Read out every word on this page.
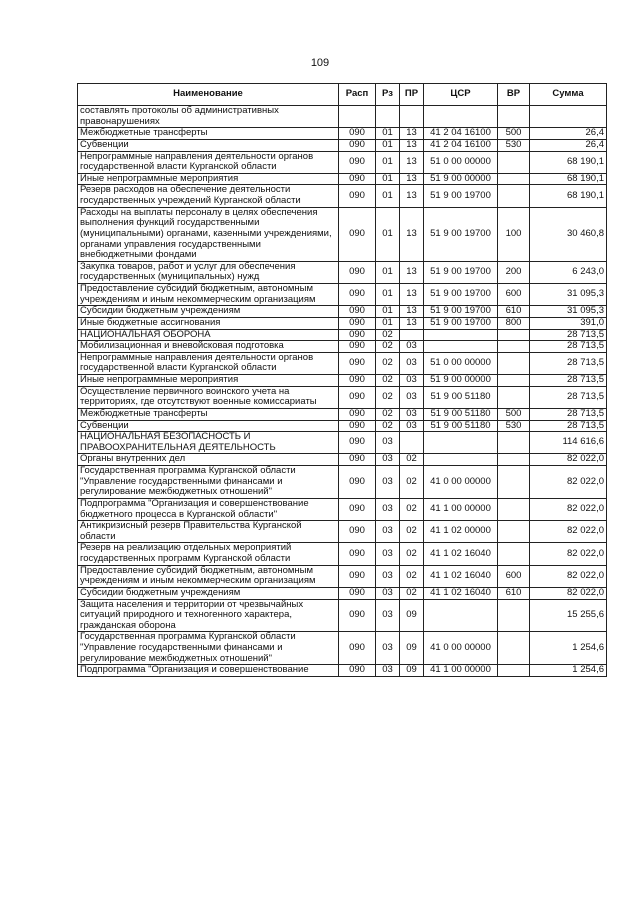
109
Наименование	Расп	Рз	ПР	ЦСР	ВР	Сумма
составлять протоколы об административных правонарушениях						
Межбюджетные трансферты	090	01	13	41 2 04 16100	500	26,4
Субвенции	090	01	13	41 2 04 16100	530	26,4
Непрограммные направления деятельности органов государственной власти Курганской области	090	01	13	51 0 00 00000		68 190,1
Иные непрограммные мероприятия	090	01	13	51 9 00 00000		68 190,1
Резерв расходов на обеспечение деятельности государственных учреждений Курганской области	090	01	13	51 9 00 19700		68 190,1
Расходы на выплаты персоналу в целях обеспечения выполнения функций государственными (муниципальными) органами, казенными учреждениями, органами управления государственными внебюджетными фондами	090	01	13	51 9 00 19700	100	30 460,8
Закупка товаров, работ и услуг для обеспечения государственных (муниципальных) нужд	090	01	13	51 9 00 19700	200	6 243,0
Предоставление субсидий бюджетным, автономным учреждениям и иным некоммерческим организациям	090	01	13	51 9 00 19700	600	31 095,3
Субсидии бюджетным учреждениям	090	01	13	51 9 00 19700	610	31 095,3
Иные бюджетные ассигнования	090	01	13	51 9 00 19700	800	391,0
НАЦИОНАЛЬНАЯ ОБОРОНА	090	02				28 713,5
Мобилизационная и вневойсковая подготовка	090	02	03			28 713,5
Непрограммные направления деятельности органов государственной власти Курганской области	090	02	03	51 0 00 00000		28 713,5
Иные непрограммные мероприятия	090	02	03	51 9 00 00000		28 713,5
Осуществление первичного воинского учета на территориях, где отсутствуют военные комиссариаты	090	02	03	51 9 00 51180		28 713,5
Межбюджетные трансферты	090	02	03	51 9 00 51180	500	28 713,5
Субвенции	090	02	03	51 9 00 51180	530	28 713,5
НАЦИОНАЛЬНАЯ БЕЗОПАСНОСТЬ И ПРАВООХРАНИТЕЛЬНАЯ ДЕЯТЕЛЬНОСТЬ	090	03				114 616,6
Органы внутренних дел	090	03	02			82 022,0
Государственная программа Курганской области "Управление государственными финансами и регулирование межбюджетных отношений"	090	03	02	41 0 00 00000		82 022,0
Подпрограмма "Организация и совершенствование бюджетного процесса в Курганской области"	090	03	02	41 1 00 00000		82 022,0
Антикризисный резерв Правительства Курганской области	090	03	02	41 1 02 00000		82 022,0
Резерв на реализацию отдельных мероприятий государственных программ Курганской области	090	03	02	41 1 02 16040		82 022,0
Предоставление субсидий бюджетным, автономным учреждениям и иным некоммерческим организациям	090	03	02	41 1 02 16040	600	82 022,0
Субсидии бюджетным учреждениям	090	03	02	41 1 02 16040	610	82 022,0
Защита населения и территории от чрезвычайных ситуаций природного и техногенного характера, гражданская оборона	090	03	09			15 255,6
Государственная программа Курганской области "Управление государственными финансами и регулирование межбюджетных отношений"	090	03	09	41 0 00 00000		1 254,6
Подпрограмма "Организация и совершенствование	090	03	09	41 1 00 00000		1 254,6
